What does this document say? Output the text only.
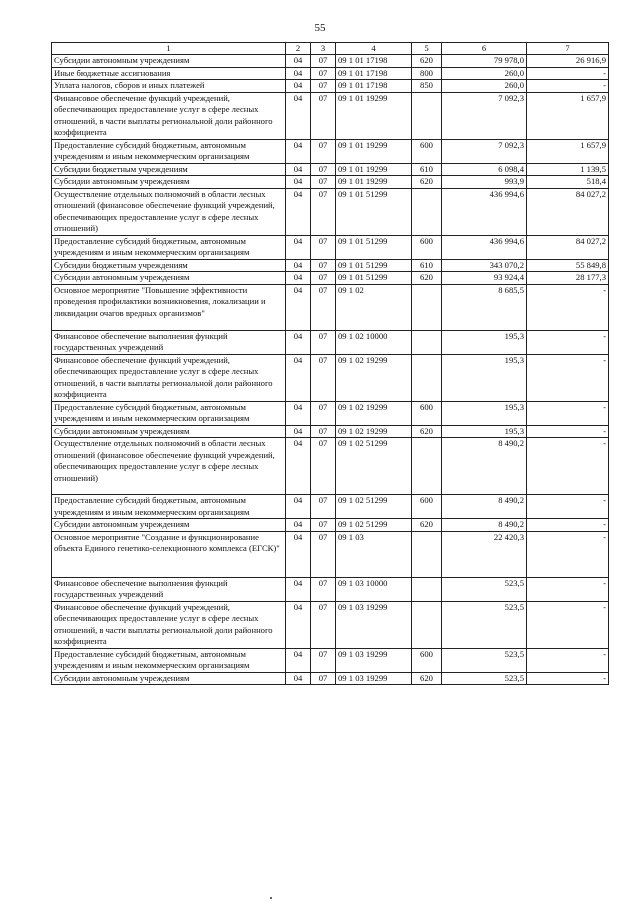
55
1	2	3	4	5	6	7
Субсидии автономным учреждениям	04	07	09 1 01 17198	620	79 978,0	26 916,9
Иные бюджетные ассигнования	04	07	09 1 01 17198	800	260,0	-
Уплата налогов, сборов и иных платежей	04	07	09 1 01 17198	850	260,0	-
Финансовое обеспечение функций учреждений, обеспечивающих предоставление услуг в сфере лесных отношений, в части выплаты региональной доли районного коэффициента	04	07	09 1 01 19299		7 092,3	1 657,9
Предоставление субсидий бюджетным, автономным учреждениям и иным некоммерческим организациям	04	07	09 1 01 19299	600	7 092,3	1 657,9
Субсидии бюджетным учреждениям	04	07	09 1 01 19299	610	6 098,4	1 139,5
Субсидии автономным учреждениям	04	07	09 1 01 19299	620	993,9	518,4
Осуществление отдельных полномочий в области лесных отношений (финансовое обеспечение функций учреждений, обеспечивающих предоставление услуг в сфере лесных отношений)	04	07	09 1 01 51299		436 994,6	84 027,2
Предоставление субсидий бюджетным, автономным учреждениям и иным некоммерческим организациям	04	07	09 1 01 51299	600	436 994,6	84 027,2
Субсидии бюджетным учреждениям	04	07	09 1 01 51299	610	343 070,2	55 849,8
Субсидии автономным учреждениям	04	07	09 1 01 51299	620	93 924,4	28 177,3
Основное мероприятие "Повышение эффективности проведения профилактики возникновения, локализации и ликвидации очагов вредных организмов"	04	07	09 1 02		8 685,5	-
Финансовое обеспечение выполнения функций государственных учреждений	04	07	09 1 02 10000		195,3	-
Финансовое обеспечение функций учреждений, обеспечивающих предоставление услуг в сфере лесных отношений, в части выплаты региональной доли районного коэффициента	04	07	09 1 02 19299		195,3	-
Предоставление субсидий бюджетным, автономным учреждениям и иным некоммерческим организациям	04	07	09 1 02 19299	600	195,3	-
Субсидии автономным учреждениям	04	07	09 1 02 19299	620	195,3	-
Осуществление отдельных полномочий в области лесных отношений (финансовое обеспечение функций учреждений, обеспечивающих предоставление услуг в сфере лесных отношений)	04	07	09 1 02 51299		8 490,2	-
Предоставление субсидий бюджетным, автономным учреждениям и иным некоммерческим организациям	04	07	09 1 02 51299	600	8 490,2	-
Субсидии автономным учреждениям	04	07	09 1 02 51299	620	8 490,2	-
Основное мероприятие "Создание и функционирование объекта Единого генетико-селекционного комплекса (ЕГСК)"	04	07	09 1 03		22 420,3	-
Финансовое обеспечение выполнения функций государственных учреждений	04	07	09 1 03 10000		523,5	-
Финансовое обеспечение функций учреждений, обеспечивающих предоставление услуг в сфере лесных отношений, в части выплаты региональной доли районного коэффициента	04	07	09 1 03 19299		523,5	-
Предоставление субсидий бюджетным, автономным учреждениям и иным некоммерческим организациям	04	07	09 1 03 19299	600	523,5	-
Субсидии автономным учреждениям	04	07	09 1 03 19299	620	523,5	-
